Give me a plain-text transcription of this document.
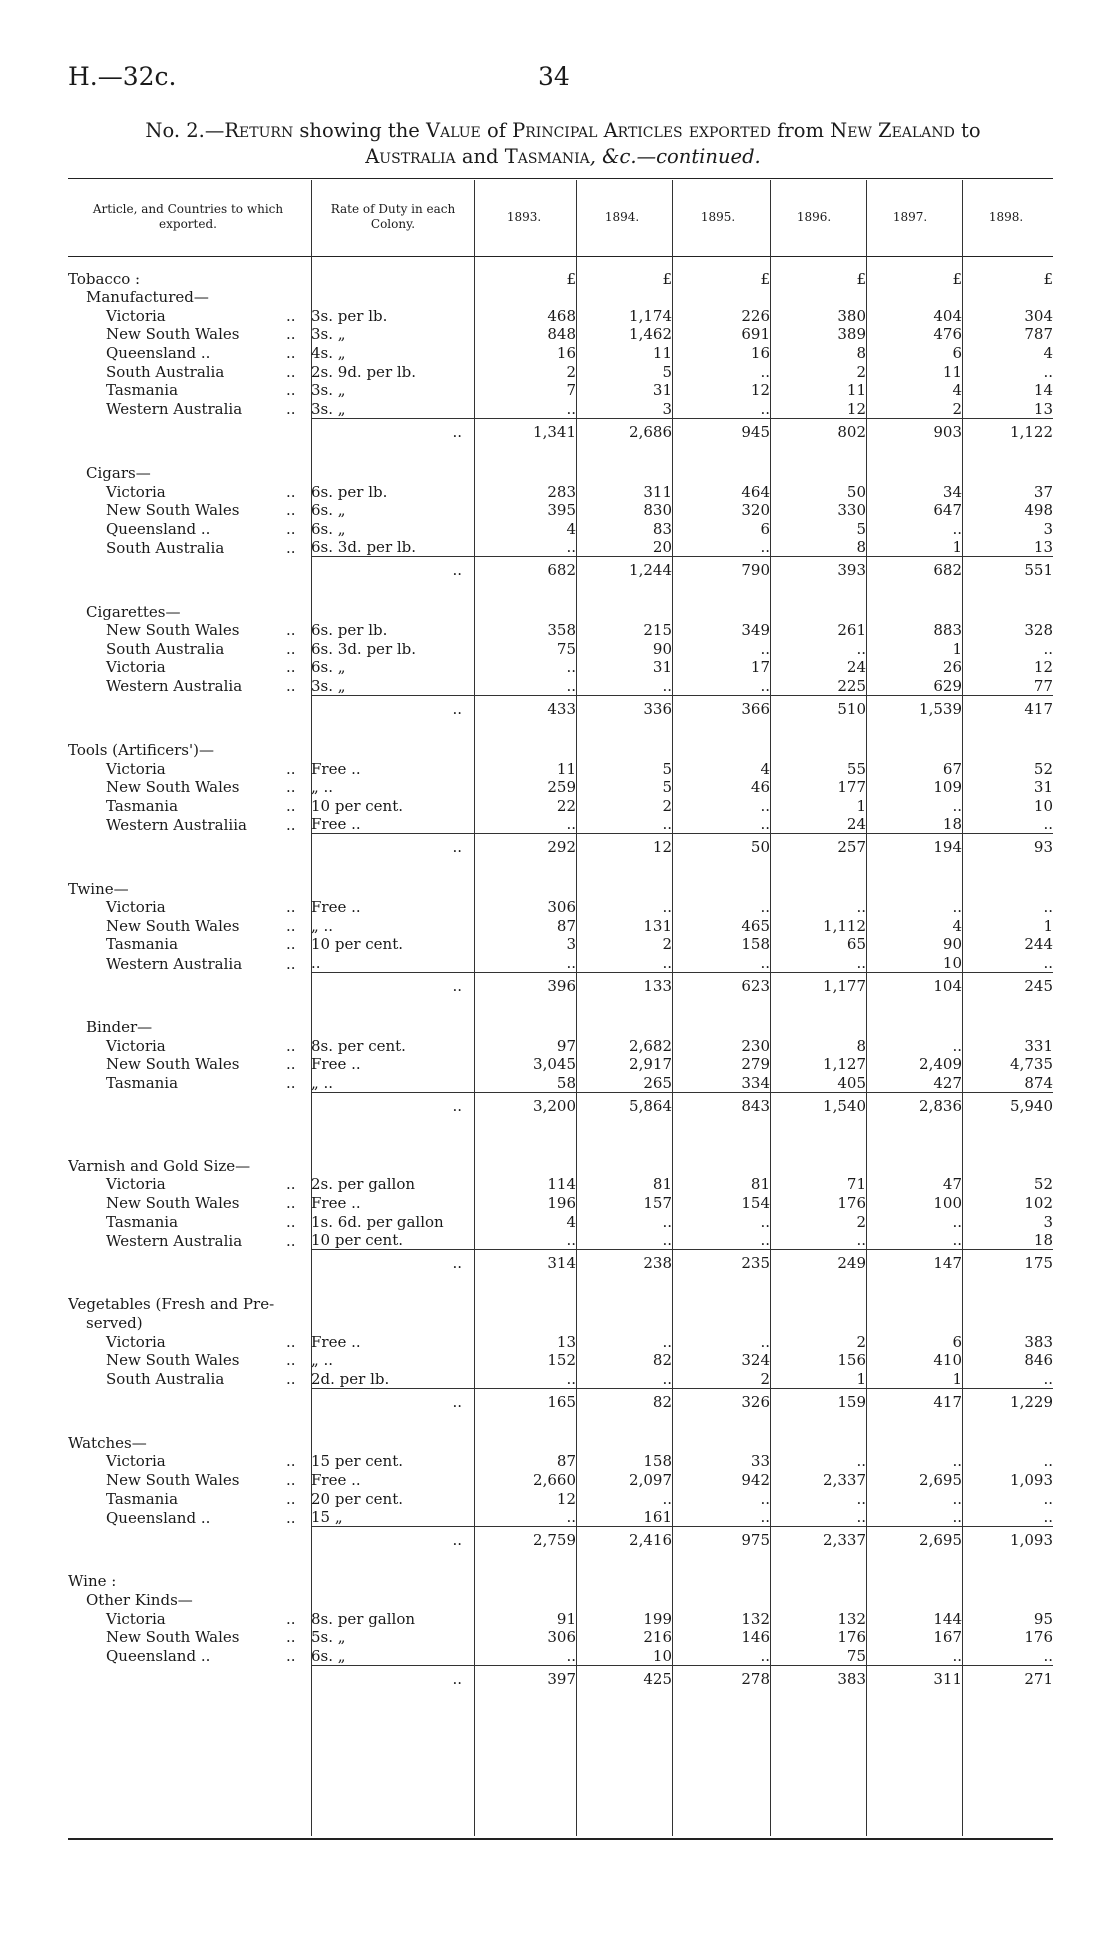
H.—32c.	34
No. 2.—Return showing the Value of Principal Articles exported from New Zealand to
Australia and Tasmania, &c.—continued.
Article, and Countries to which exported.
Rate of Duty in each Colony.	1893.	1894.	1895.	1896.	1897.	1898.
Tobacco :			£	£	£	£	£	£
Manufactured—								
Victoria	..	3s. per lb.	468	1,174	226	380	404	304
New South Wales	..	3s. „	848	1,462	691	389	476	787
Queensland ..	..	4s. „	16	11	16	8	6	4
South Australia	..	2s. 9d. per lb.	2	5	..	2	11	..
Tasmania	..	3s. „	7	31	12	11	4	14
Western Australia	..	3s. „	..	3	..	12	2	13
		..	1,341	2,686	945	802	903	1,122

Cigars—								
Victoria	..	6s. per lb.	283	311	464	50	34	37
New South Wales	..	6s. „	395	830	320	330	647	498
Queensland ..	..	6s. „	4	83	6	5	..	3
South Australia	..	6s. 3d. per lb.	..	20	..	8	1	13
		..	682	1,244	790	393	682	551

Cigarettes—								
New South Wales	..	6s. per lb.	358	215	349	261	883	328
South Australia	..	6s. 3d. per lb.	75	90	..	..	1	..
Victoria	..	6s. „	..	31	17	24	26	12
Western Australia	..	3s. „	..	..	..	225	629	77
		..	433	336	366	510	1,539	417

Tools (Artificers')—								
Victoria	..	Free ..	11	5	4	55	67	52
New South Wales	..	„ ..	259	5	46	177	109	31
Tasmania	..	10 per cent.	22	2	..	1	..	10
Western Australiia	..	Free ..	..	..	..	24	18	..
		..	292	12	50	257	194	93

Twine—								
Victoria	..	Free ..	306	..	..	..	..	..
New South Wales	..	„ ..	87	131	465	1,112	4	1
Tasmania	..	10 per cent.	3	2	158	65	90	244
Western Australia	..	..	..	..	..	..	10	..
		..	396	133	623	1,177	104	245

Binder—								
Victoria	..	8s. per cent.	97	2,682	230	8	..	331
New South Wales	..	Free ..	3,045	2,917	279	1,127	2,409	4,735
Tasmania	..	„ ..	58	265	334	405	427	874
		..	3,200	5,864	843	1,540	2,836	5,940

Varnish and Gold Size—								
Victoria	..	2s. per gallon	114	81	81	71	47	52
New South Wales	..	Free ..	196	157	154	176	100	102
Tasmania	..	1s. 6d. per gallon	4	..	..	2	..	3
Western Australia	..	10 per cent.	..	..	..	..	..	18
		..	314	238	235	249	147	175

Vegetables (Fresh and Pre-								
served)								
Victoria	..	Free ..	13	..	..	2	6	383
New South Wales	..	„ ..	152	82	324	156	410	846
South Australia	..	2d. per lb.	..	..	2	1	1	..
		..	165	82	326	159	417	1,229

Watches—								
Victoria	..	15 per cent.	87	158	33	..	..	..
New South Wales	..	Free ..	2,660	2,097	942	2,337	2,695	1,093
Tasmania	..	20 per cent.	12	..	..	..	..	..
Queensland ..	..	15 „	..	161	..	..	..	..
		..	2,759	2,416	975	2,337	2,695	1,093

Wine :								
Other Kinds—								
Victoria	..	8s. per gallon	91	199	132	132	144	95
New South Wales	..	5s. „	306	216	146	176	167	176
Queensland ..	..	6s. „	..	10	..	75	..	..
		..	397	425	278	383	311	271
